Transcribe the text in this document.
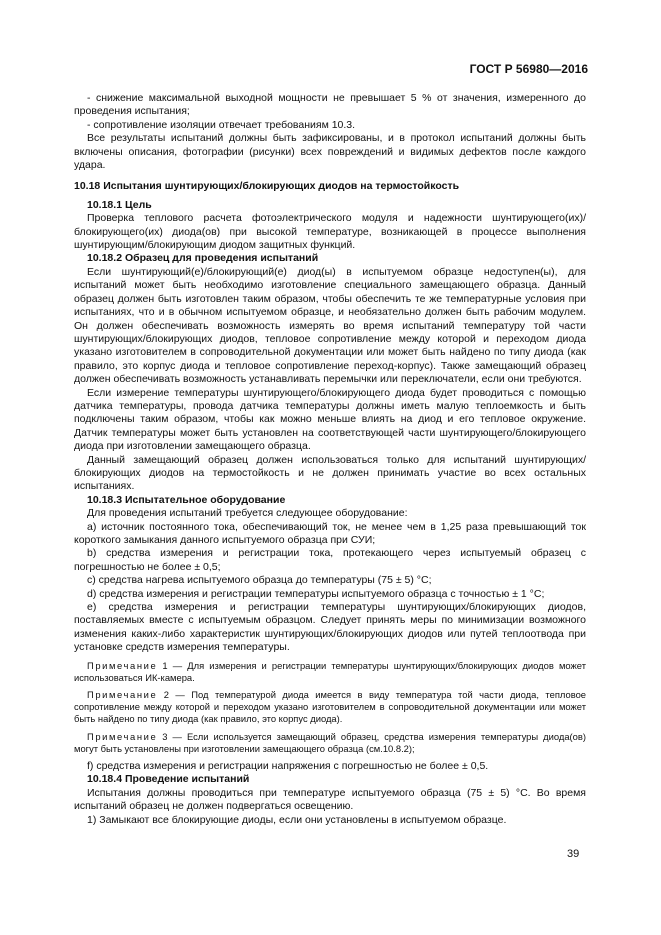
ГОСТ Р 56980—2016

- снижение максимальной выходной мощности не превышает 5 % от значения, измеренного до проведения испытания;

- сопротивление изоляции отвечает требованиям 10.3.

Все результаты испытаний должны быть зафиксированы, и в протокол испытаний должны быть включены описания, фотографии (рисунки) всех повреждений и видимых дефектов после каждого удара.

10.18 Испытания шунтирующих/блокирующих диодов на термостойкость

10.18.1 Цель

Проверка теплового расчета фотоэлектрического модуля и надежности шунтирующего(их)/блокирующего(их) диода(ов) при высокой температуре, возникающей в процессе выполнения шунтирующим/блокирующим диодом защитных функций.

10.18.2 Образец для проведения испытаний

Если шунтирующий(е)/блокирующий(е) диод(ы) в испытуемом образце недоступен(ы), для испытаний может быть необходимо изготовление специального замещающего образца. Данный образец должен быть изготовлен таким образом, чтобы обеспечить те же температурные условия при испытаниях, что и в обычном испытуемом образце, и необязательно должен быть рабочим модулем. Он должен обеспечивать возможность измерять во время испытаний температуру той части шунтирующих/блокирующих диодов, тепловое сопротивление между которой и переходом диода указано изготовителем в сопроводительной документации или может быть найдено по типу диода (как правило, это корпус диода и тепловое сопротивление переход-корпус). Также замещающий образец должен обеспечивать возможность устанавливать перемычки или переключатели, если они требуются.

Если измерение температуры шунтирующего/блокирующего диода будет проводиться с помощью датчика температуры, провода датчика температуры должны иметь малую теплоемкость и быть подключены таким образом, чтобы как можно меньше влиять на диод и его тепловое окружение. Датчик температуры может быть установлен на соответствующей части шунтирующего/блокирующего диода при изготовлении замещающего образца.

Данный замещающий образец должен использоваться только для испытаний шунтирующих/блокирующих диодов на термостойкость и не должен принимать участие во всех остальных испытаниях.

10.18.3 Испытательное оборудование

Для проведения испытаний требуется следующее оборудование:

а) источник постоянного тока, обеспечивающий ток, не менее чем в 1,25 раза превышающий ток короткого замыкания данного испытуемого образца при СУИ;

b) средства измерения и регистрации тока, протекающего через испытуемый образец с погрешностью не более ± 0,5;

c) средства нагрева испытуемого образца до температуры (75 ± 5) °С;

d) средства измерения и регистрации температуры испытуемого образца с точностью ± 1 °С;

е) средства измерения и регистрации температуры шунтирующих/блокирующих диодов, поставляемых вместе с испытуемым образцом. Следует принять меры по минимизации возможного изменения каких-либо характеристик шунтирующих/блокирующих диодов или путей теплоотвода при установке средств измерения температуры.

Примечание 1 — Для измерения и регистрации температуры шунтирующих/блокирующих диодов может использоваться ИК-камера.

Примечание 2 — Под температурой диода имеется в виду температура той части диода, тепловое сопротивление между которой и переходом указано изготовителем в сопроводительной документации или может быть найдено по типу диода (как правило, это корпус диода).

Примечание 3 — Если используется замещающий образец, средства измерения температуры диода(ов) могут быть установлены при изготовлении замещающего образца (см.10.8.2);

f) средства измерения и регистрации напряжения с погрешностью не более ± 0,5.

10.18.4 Проведение испытаний

Испытания должны проводиться при температуре испытуемого образца (75 ± 5) °С. Во время испытаний образец не должен подвергаться освещению.

1) Замыкают все блокирующие диоды, если они установлены в испытуемом образце.

39
